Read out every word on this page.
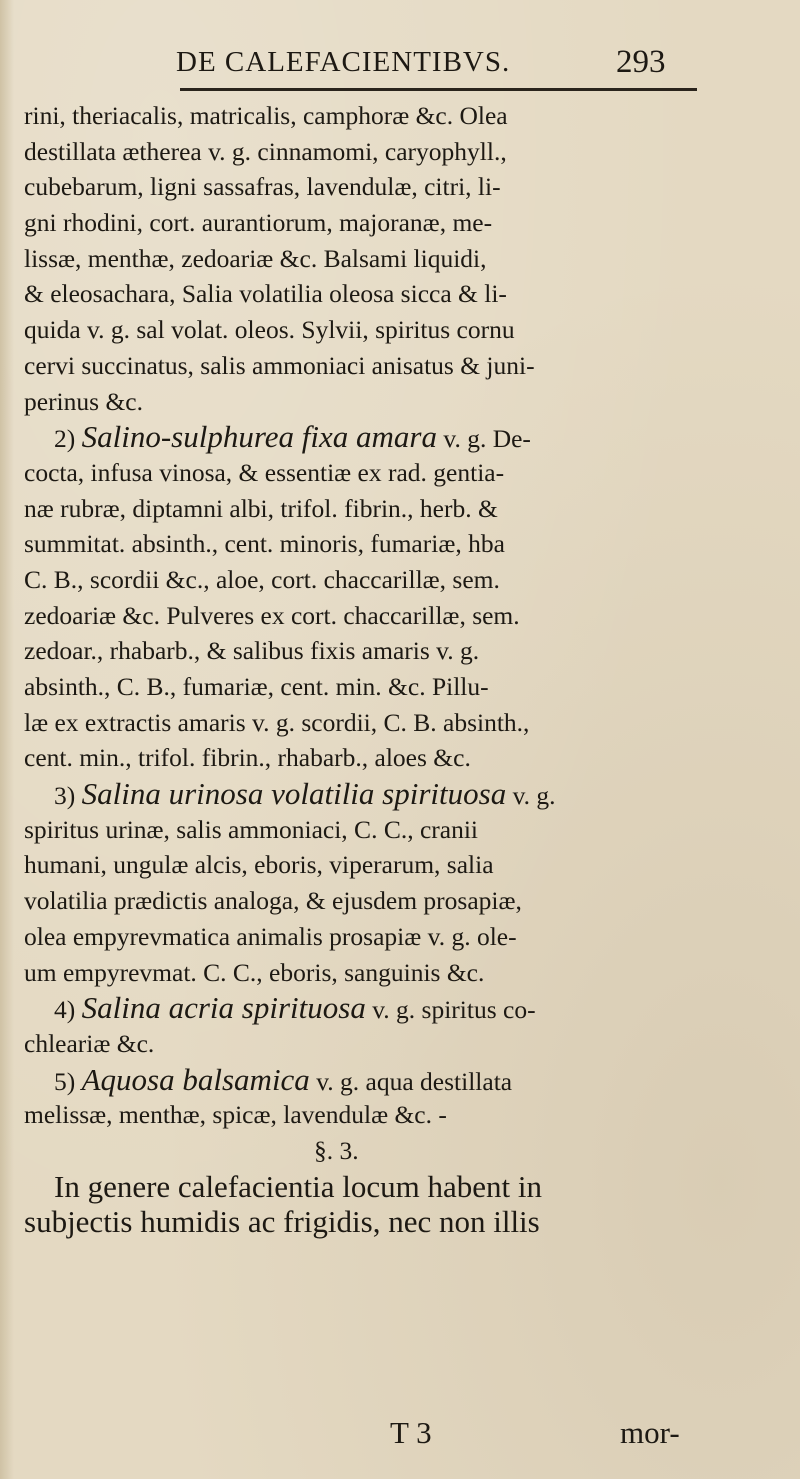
DE CALEFACIENTIBVS.	293
rini, theriacalis, matricalis, camphoræ &c. Olea
destillata ætherea v. g. cinnamomi, caryophyll.,
cubebarum, ligni sassafras, lavendulæ, citri, li-
gni rhodini, cort. aurantiorum, majoranæ, me-
lissæ, menthæ, zedoariæ &c. Balsami liquidi,
& eleosachara, Salia volatilia oleosa sicca & li-
quida v. g. sal volat. oleos. Sylvii, spiritus cornu
cervi succinatus, salis ammoniaci anisatus & juni-
perinus &c.
2) Salino-sulphurea fixa amara v. g. De-
cocta, infusa vinosa, & essentiæ ex rad. gentia-
næ rubræ, diptamni albi, trifol. fibrin., herb. &
summitat. absinth., cent. minoris, fumariæ, hba
C. B., scordii &c., aloe, cort. chaccarillæ, sem.
zedoariæ &c. Pulveres ex cort. chaccarillæ, sem.
zedoar., rhabarb., & salibus fixis amaris v. g.
absinth., C. B., fumariæ, cent. min. &c. Pillu-
læ ex extractis amaris v. g. scordii, C. B. absinth.,
cent. min., trifol. fibrin., rhabarb., aloes &c.
3) Salina urinosa volatilia spirituosa v. g.
spiritus urinæ, salis ammoniaci, C. C., cranii
humani, ungulæ alcis, eboris, viperarum, salia
volatilia prædictis analoga, & ejusdem prosapiæ,
olea empyrevmatica animalis prosapiæ v. g. ole-
um empyrevmat. C. C., eboris, sanguinis &c.
4) Salina acria spirituosa v. g. spiritus co-
chleariæ &c.
5) Aquosa balsamica v. g. aqua destillata
melissæ, menthæ, spicæ, lavendulæ &c. -
§. 3.
In genere calefacientia locum habent in
subjectis humidis ac frigidis, nec non illis
T 3	mor-
